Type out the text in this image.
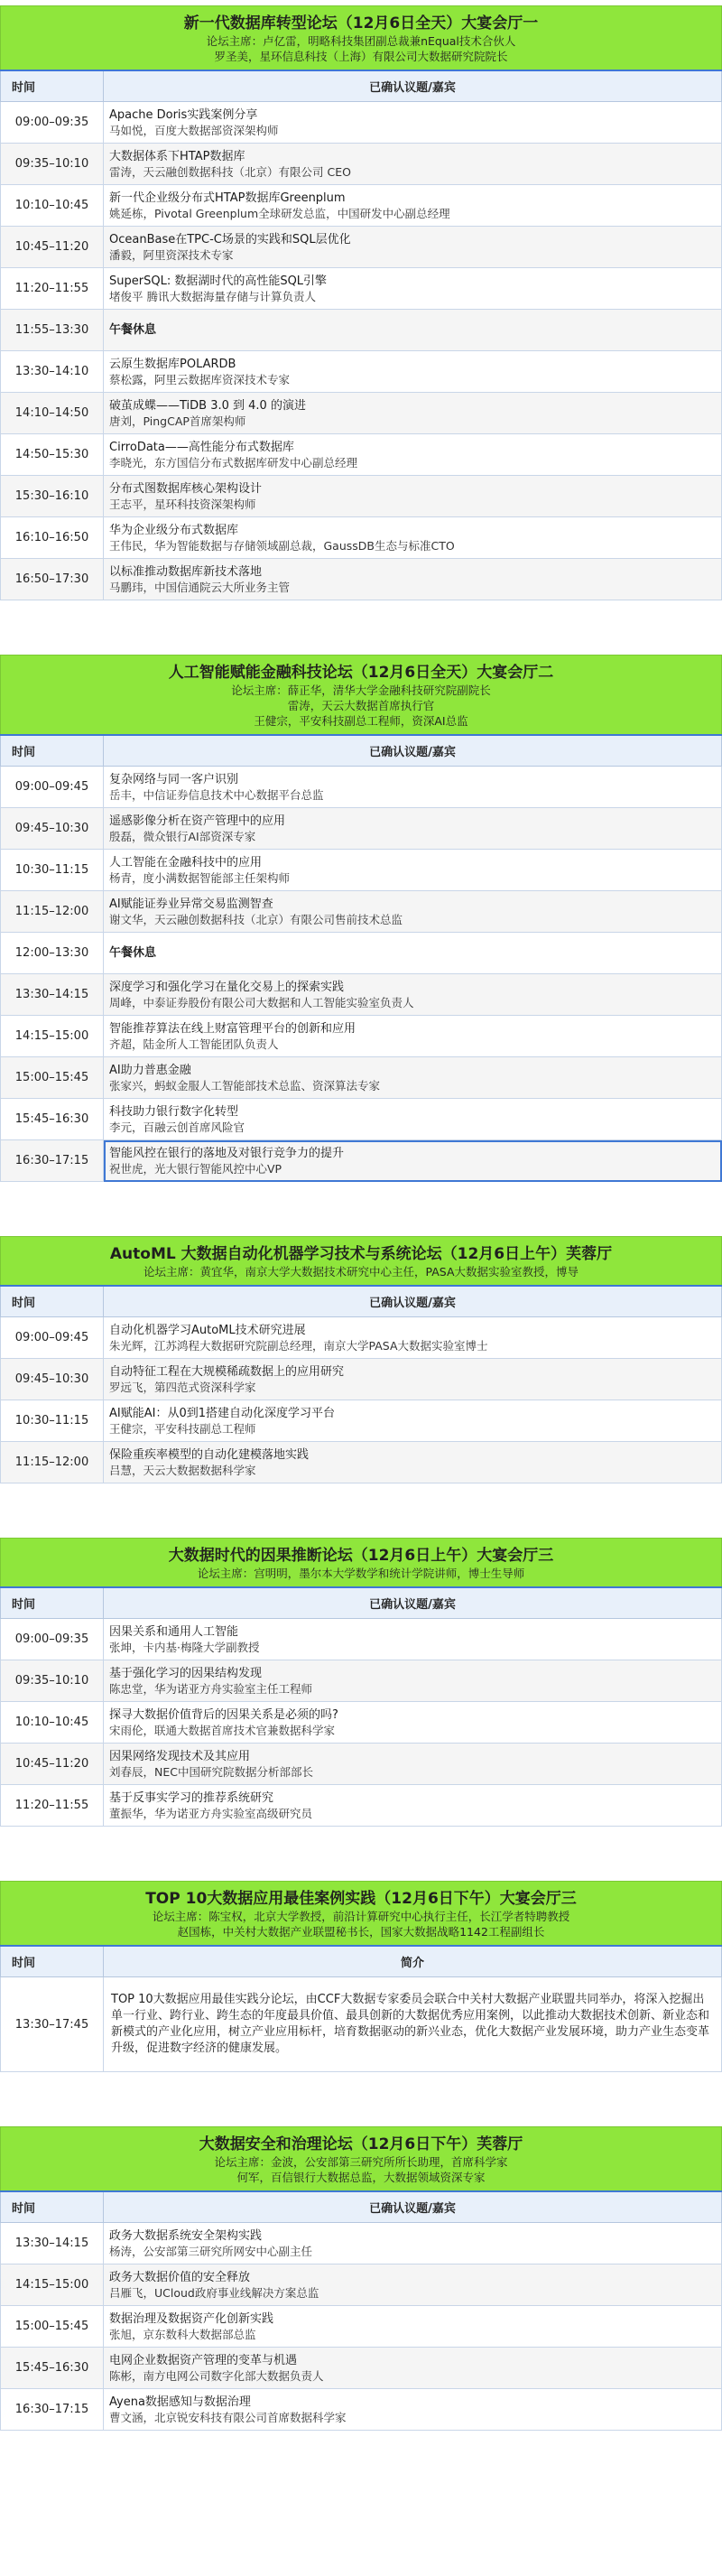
新一代数据库转型论坛（12月6日全天）大宴会厅一
论坛主席：卢亿雷，明略科技集团副总裁兼nEqual技术合伙人
罗圣美，星环信息科技（上海）有限公司大数据研究院院长
时间	已确认议题/嘉宾
09:00–09:35	Apache Doris实践案例分享
马如悦，百度大数据部资深架构师

09:35–10:10	大数据体系下HTAP数据库
雷涛，天云融创数据科技（北京）有限公司 CEO

10:10–10:45	新一代企业级分布式HTAP数据库Greenplum
姚延栋，Pivotal Greenplum全球研发总监，中国研发中心副总经理

10:45–11:20	OceanBase在TPC-C场景的实践和SQL层优化
潘毅，阿里资深技术专家

11:20–11:55	SuperSQL: 数据湖时代的高性能SQL引擎
堵俊平 腾讯大数据海量存储与计算负责人

11:55–13:30	午餐休息

13:30–14:10	云原生数据库POLARDB
蔡松露，阿里云数据库资深技术专家

14:10–14:50	破茧成蝶——TiDB 3.0 到 4.0 的演进
唐刘，PingCAP首席架构师

14:50–15:30	CirroData——高性能分布式数据库
李晓光，东方国信分布式数据库研发中心副总经理

15:30–16:10	分布式图数据库核心架构设计
王志平，星环科技资深架构师

16:10–16:50	华为企业级分布式数据库
王伟民，华为智能数据与存储领域副总裁，GaussDB生态与标准CTO

16:50–17:30	以标准推动数据库新技术落地
马鹏玮，中国信通院云大所业务主管
人工智能赋能金融科技论坛（12月6日全天）大宴会厅二
论坛主席：薛正华，清华大学金融科技研究院副院长
雷涛，天云大数据首席执行官
王健宗，平安科技副总工程师，资深AI总监
时间	已确认议题/嘉宾
09:00–09:45	复杂网络与同一客户识别
岳丰，中信证券信息技术中心数据平台总监

09:45–10:30	遥感影像分析在资产管理中的应用
殷磊，微众银行AI部资深专家

10:30–11:15	人工智能在金融科技中的应用
杨青，度小满数据智能部主任架构师

11:15–12:00	AI赋能证券业异常交易监测智查
谢文华，天云融创数据科技（北京）有限公司售前技术总监

12:00–13:30	午餐休息

13:30–14:15	深度学习和强化学习在量化交易上的探索实践
周峰，中泰证券股份有限公司大数据和人工智能实验室负责人

14:15–15:00	智能推荐算法在线上财富管理平台的创新和应用
齐超，陆金所人工智能团队负责人

15:00–15:45	AI助力普惠金融
张家兴，蚂蚁金服人工智能部技术总监、资深算法专家

15:45–16:30	科技助力银行数字化转型
李元，百融云创首席风险官

16:30–17:15	智能风控在银行的落地及对银行竞争力的提升
祝世虎，光大银行智能风控中心VP
AutoML 大数据自动化机器学习技术与系统论坛（12月6日上午）芙蓉厅
论坛主席：黄宜华，南京大学大数据技术研究中心主任，PASA大数据实验室教授，博导
时间	已确认议题/嘉宾
09:00–09:45	自动化机器学习AutoML技术研究进展
朱光辉，江苏鸿程大数据研究院副总经理，南京大学PASA大数据实验室博士

09:45–10:30	自动特征工程在大规模稀疏数据上的应用研究
罗远飞，第四范式资深科学家

10:30–11:15	AI赋能AI：从0到1搭建自动化深度学习平台
王健宗，平安科技副总工程师

11:15–12:00	保险重疾率模型的自动化建模落地实践
吕慧，天云大数据数据科学家
大数据时代的因果推断论坛（12月6日上午）大宴会厅三
论坛主席：宫明明，墨尔本大学数学和统计学院讲师，博士生导师
时间	已确认议题/嘉宾
09:00–09:35	因果关系和通用人工智能
张坤，卡内基·梅隆大学副教授

09:35–10:10	基于强化学习的因果结构发现
陈忠堂，华为诺亚方舟实验室主任工程师

10:10–10:45	探寻大数据价值背后的因果关系是必须的吗?
宋雨伦，联通大数据首席技术官兼数据科学家

10:45–11:20	因果网络发现技术及其应用
刘春辰，NEC中国研究院数据分析部部长

11:20–11:55	基于反事实学习的推荐系统研究
董振华，华为诺亚方舟实验室高级研究员
TOP 10大数据应用最佳案例实践（12月6日下午）大宴会厅三
论坛主席：陈宝权，北京大学教授，前沿计算研究中心执行主任，长江学者特聘教授
赵国栋，中关村大数据产业联盟秘书长，国家大数据战略1142工程副组长
时间	简介
13:30–17:45	TOP 10大数据应用最佳实践分论坛，由CCF大数据专家委员会联合中关村大数据产业联盟共同举办，将深入挖掘出单一行业、跨行业、跨生态的年度最具价值、最具创新的大数据优秀应用案例，以此推动大数据技术创新、新业态和新模式的产业化应用，树立产业应用标杆，培育数据驱动的新兴业态，优化大数据产业发展环境，助力产业生态变革升级，促进数字经济的健康发展。
大数据安全和治理论坛（12月6日下午）芙蓉厅
论坛主席：金波，公安部第三研究所所长助理，首席科学家
何军，百信银行大数据总监，大数据领域资深专家
时间	已确认议题/嘉宾
13:30–14:15	政务大数据系统安全架构实践
杨涛，公安部第三研究所网安中心副主任

14:15–15:00	政务大数据价值的安全释放
吕雁飞，UCloud政府事业线解决方案总监

15:00–15:45	数据治理及数据资产化创新实践
张旭，京东数科大数据部总监

15:45–16:30	电网企业数据资产管理的变革与机遇
陈彬，南方电网公司数字化部大数据负责人

16:30–17:15	Ayena数据感知与数据治理
曹文涵，北京锐安科技有限公司首席数据科学家
